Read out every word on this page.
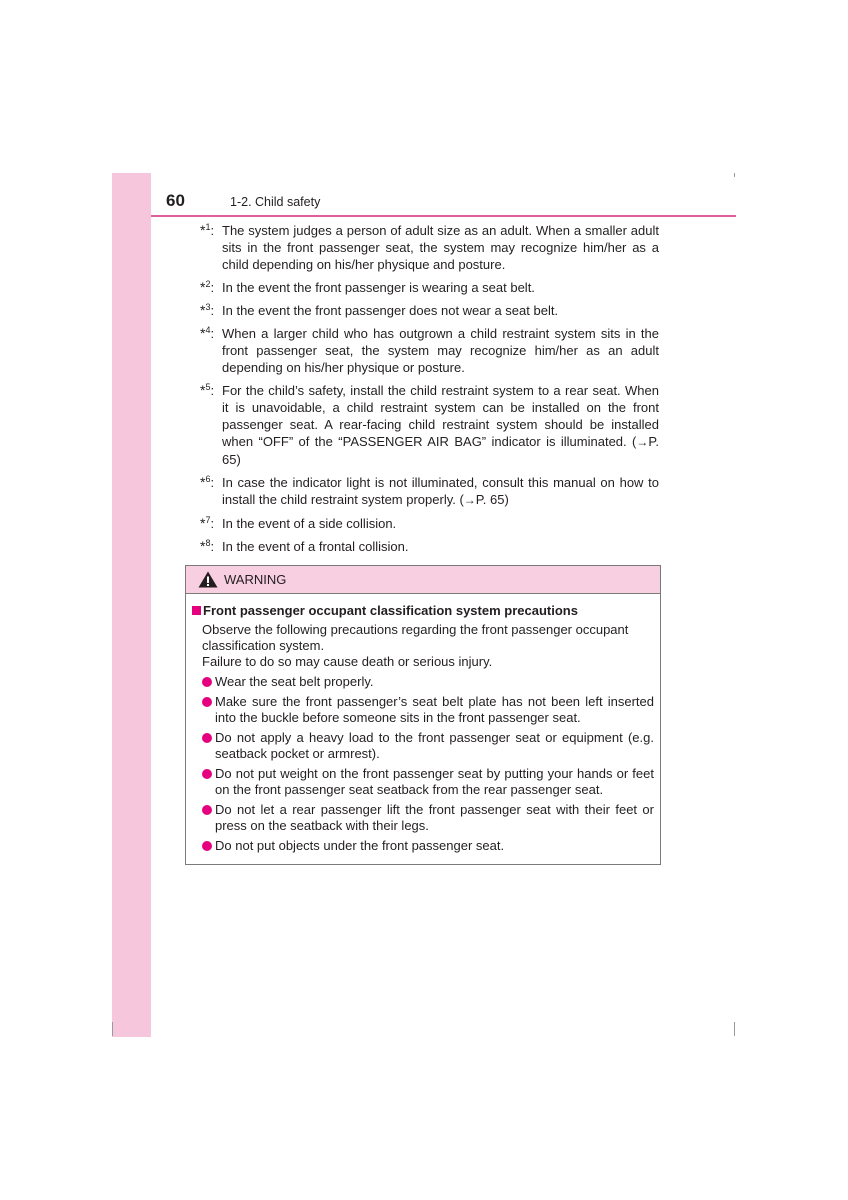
60	1-2. Child safety
*$^1$: The system judges a person of adult size as an adult. When a smaller adult sits in the front passenger seat, the system may recognize him/her as a child depending on his/her physique and posture.
*$^2$: In the event the front passenger is wearing a seat belt.
*$^3$: In the event the front passenger does not wear a seat belt.
*$^4$: When a larger child who has outgrown a child restraint system sits in the front passenger seat, the system may recognize him/her as an adult depending on his/her physique or posture.
*$^5$: For the child’s safety, install the child restraint system to a rear seat. When it is unavoidable, a child restraint system can be installed on the front passenger seat. A rear-facing child restraint system should be installed when “OFF” of the “PASSENGER AIR BAG” indicator is illuminated. (→P. 65)
*$^6$: In case the indicator light is not illuminated, consult this manual on how to install the child restraint system properly. (→P. 65)
*$^7$: In the event of a side collision.
*$^8$: In the event of a frontal collision.
WARNING
Front passenger occupant classification system precautions
Observe the following precautions regarding the front passenger occupant classification system.
Failure to do so may cause death or serious injury.
Wear the seat belt properly.
Make sure the front passenger’s seat belt plate has not been left inserted into the buckle before someone sits in the front passenger seat.
Do not apply a heavy load to the front passenger seat or equipment (e.g. seatback pocket or armrest).
Do not put weight on the front passenger seat by putting your hands or feet on the front passenger seat seatback from the rear passenger seat.
Do not let a rear passenger lift the front passenger seat with their feet or press on the seatback with their legs.
Do not put objects under the front passenger seat.
